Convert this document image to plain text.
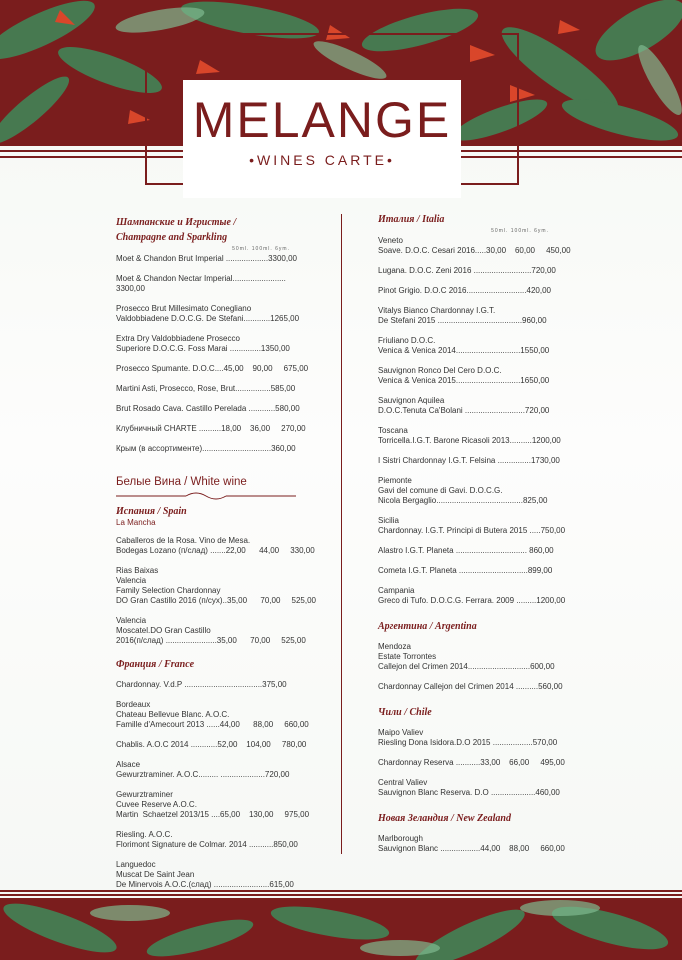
MELANGE
•WINES CARTE•
Шампанские и Игристые /
Champagne and Sparkling
50ml. 100ml. 6ym.
Moet & Chandon Brut Imperial ...................3300,00
Moet & Chandon Nectar Imperial........................
3300,00
Prosecco Brut Millesimato Conegliano
Valdobbiadene D.O.C.G. De Stefani............1265,00
Extra Dry Valdobbiadene Prosecco
Superiore D.O.C.G. Foss Marai ..............1350,00
Prosecco Spumante. D.O.C....45,00    90,00     675,00
Martini Asti, Prosecco, Rose, Brut................585,00
Brut Rosado Cava. Castillo Perelada ............580,00
Клубничный CHARTE ..........18,00    36,00     270,00
Крым (в ассортименте)...............................360,00
Белые Вина / White wine
Испания / Spain
La Mancha
Caballeros de la Rosa. Vino de Mesa.
Bodegas Lozano (п/слад) .......22,00      44,00     330,00
Rias Baixas
Valencia
Family Selection Chardonnay
DO Gran Castillo 2016 (п/сух)..35,00      70,00     525,00
Valencia
Moscatel.DO Gran Castillo
2016(п/слад) .......................35,00      70,00     525,00
Франция / France
Chardonnay. V.d.P ...................................375,00
Bordeaux
Chateau Bellevue Blanc. A.O.C.
Famille d'Amecourt 2013 ......44,00      88,00     660,00
Chablis. A.O.C 2014 ............52,00    104,00     780,00
Alsace
Gewurztraminer. A.O.C......... ....................720,00
Gewurztraminer
Cuvee Reserve A.O.C.
Martin  Schaetzel 2013/15 ....65,00    130,00     975,00
Riesling. A.O.C.
Florimont Signature de Colmar. 2014 ...........850,00
Languedoc
Muscat De Saint Jean
De Minervois A.O.C.(слад) .........................615,00
Италия / Italia
50ml. 100ml. 6ym.
Veneto
Soave. D.O.C. Cesari 2016.....30,00    60,00     450,00
Lugana. D.O.C. Zeni 2016 ..........................720,00
Pinot Grigio. D.O.C 2016...........................420,00
Vitalys Bianco Chardonnay I.G.T.
De Stefani 2015 ......................................960,00
Friuliano D.O.C.
Venica & Venica 2014.............................1550,00
Sauvignon Ronco Del Cero D.O.C.
Venica & Venica 2015.............................1650,00
Sauvignon Aquilea
D.O.C.Tenuta Ca'Bolani ...........................720,00
Toscana
Torricella.I.G.T. Barone Ricasoli 2013..........1200,00
I Sistri Chardonnay I.G.T. Felsina ...............1730,00
Piemonte
Gavi del comune di Gavi. D.O.C.G.
Nicola Bergaglio.......................................825,00
Sicilia
Chardonnay. I.G.T. Principi di Butera 2015 .....750,00
Alastro I.G.T. Planeta ................................ 860,00
Cometa I.G.T. Planeta ...............................899,00
Campania
Greco di Tufo. D.O.C.G. Ferrara. 2009 .........1200,00
Аргентина / Argentina
Mendoza
Estate Torrontes
Callejon del Crimen 2014............................600,00
Chardonnay Callejon del Crimen 2014 ..........560,00
Чили / Chile
Maipo Valiev
Riesling Dona Isidora.D.O 2015 ..................570,00
Chardonnay Reserva ...........33,00    66,00     495,00
Central Valiev
Sauvignon Blanc Reserva. D.O ....................460,00
Новая Зеландия / New Zealand
Marlborough
Sauvignon Blanc ..................44,00    88,00     660,00
